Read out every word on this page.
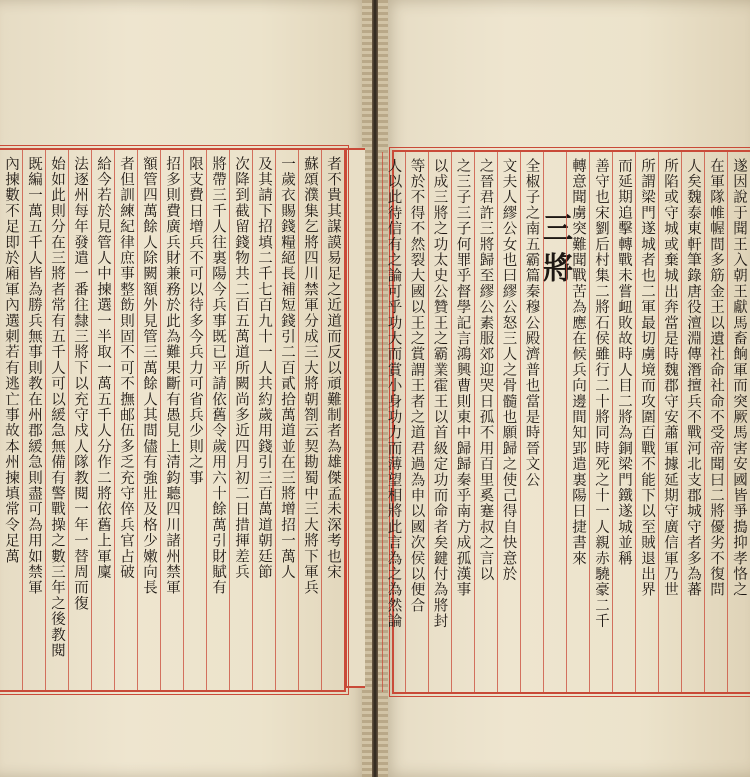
者不貴其謀謨易足之近道而反以頑難制者為雄傑孟未深考也宋
蘇頌濮集乞將四川禁軍分成三大將朝劄云契勘蜀中三大將下軍兵
一歲衣賜錢糧絕長補短錢引二百貳拾萬道並在三將增招一萬人
及其請下招填二千七百九十一人共約歲用錢引三百萬道朝廷節
次降到截留錢物共二百五萬道所闕尚多近四月初二日措揮差兵
將帶三千人往裏陽今兵事既已平請依舊令歲用六十餘萬引財賦有
限支費日增兵不可以待多今兵力可省兵少則之事
招多則費廣兵財兼務於此為難果斷有愚見上清鈞聽四川諸州禁軍
額管四萬餘人除闕額外見管三萬餘人其間儘有強壯及格少嫩向長
者但訓練紀律庶事整飭則固不可不撫邮伍多乏充守倅兵官占破
給今若於見管人中揀選一半取一萬五千人分作二將依舊上軍廩
法逐州每年發遣一番往隸三將下以充守戍人隊教閱一年一替周而復
始如此則分在三將者常有五千人可以緩急無備有警戰操之數三年之後教閱
既編一萬五千人皆為勝兵無事則教在州郡緩急則盡可為用如禁軍
內揀數不足即於廂軍內選刺若有逃亡事故本州揀填常令足萬	遂因說于聞王入朝王獻馬畜餉軍而突厥馬害安國皆爭搗抑孝恪之
在軍隊帷幄間多筋金王以遺社命社命不受帝聞曰二將優劣不復問
人矣魏泰東軒筆錄唐役澶淵傳潛擅兵不戰河北支郡城守者多為蕃
所陷或守城或棄城出奔當是時魏郡守安蕭軍據延期守廣信軍乃世
所謂梁門遂城者也二軍最切虜境而攻圍百戰不能下以至賊退出界
而延期追擊轉戰未嘗衄敗故時人目二將為銅梁門鐵遂城並稱
善守也宋劉后村集二將石侯雖行二十將同時死之十一人親赤驍豪二千
轉意聞虜突難聞戰苦為應在候兵向邊間知郢遣裏陽日捷書來
三將
全椒子之南五霸篇秦穆公殿濟普也當是時晉文公
文夫人繆公女也曰繆公怒三人之骨髓也願歸之使己得自快意於
之晉君許三將歸至繆公素服郊迎哭日孤不用百里奚蹇叔之言以
之三子三子何罪乎督學記言鴻興曹則東中歸歸秦乎南方成孤漢事
以成三將之功太史公贊王之霸業霍王以首級定功而命者矣鍵付為將封
等於不得不然裂大國以王之賞謂王者之道君過為申以國次侯以便合
人以此待信有之論可乎功大而賞小身功力而薄望相將此言為之為然論
